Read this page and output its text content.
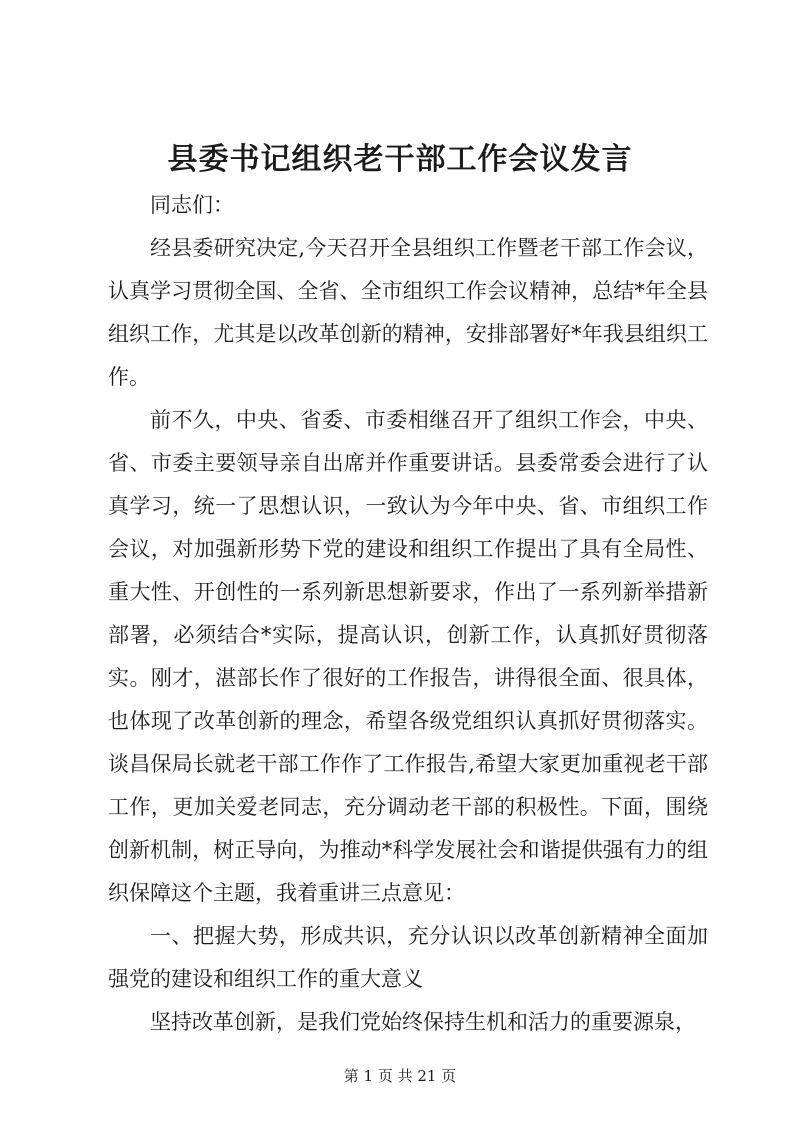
县委书记组织老干部工作会议发言

同志们：

经县委研究决定,今天召开全县组织工作暨老干部工作会议，认真学习贯彻全国、全省、全市组织工作会议精神，总结*年全县组织工作，尤其是以改革创新的精神，安排部署好*年我县组织工作。

前不久，中央、省委、市委相继召开了组织工作会，中央、省、市委主要领导亲自出席并作重要讲话。县委常委会进行了认真学习，统一了思想认识，一致认为今年中央、省、市组织工作会议，对加强新形势下党的建设和组织工作提出了具有全局性、重大性、开创性的一系列新思想新要求，作出了一系列新举措新部署，必须结合*实际，提高认识，创新工作，认真抓好贯彻落实。刚才，湛部长作了很好的工作报告，讲得很全面、很具体，也体现了改革创新的理念，希望各级党组织认真抓好贯彻落实。谈昌保局长就老干部工作作了工作报告,希望大家更加重视老干部工作，更加关爱老同志，充分调动老干部的积极性。下面，围绕创新机制，树正导向，为推动*科学发展社会和谐提供强有力的组织保障这个主题，我着重讲三点意见：

一、把握大势，形成共识，充分认识以改革创新精神全面加强党的建设和组织工作的重大意义

坚持改革创新，是我们党始终保持生机和活力的重要源泉，

第 1 页 共 21 页
